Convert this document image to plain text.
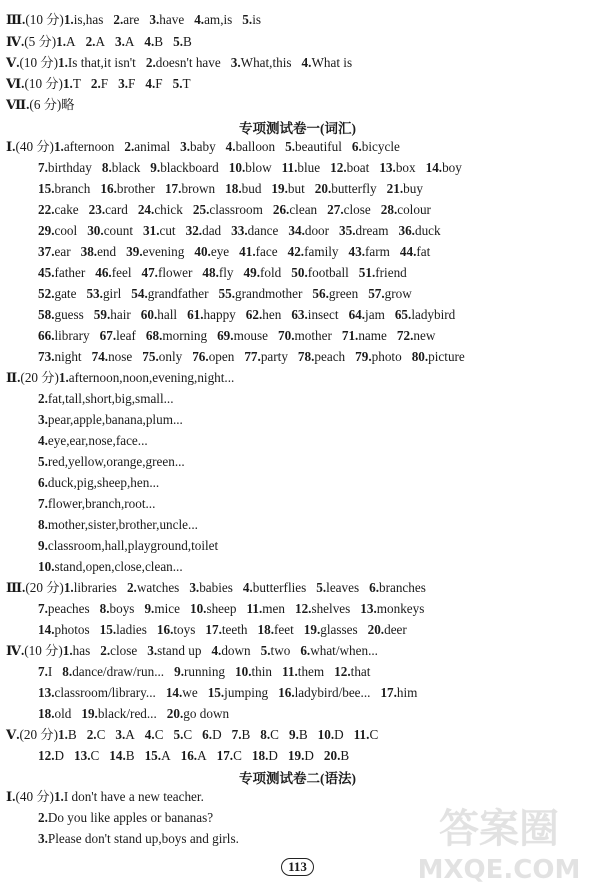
Ⅲ.(10 分)1.is,has 2.are 3.have 4.am,is 5.is
Ⅳ.(5 分)1.A 2.A 3.A 4.B 5.B
Ⅴ.(10 分)1.Is that,it isn't 2.doesn't have 3.What,this 4.What is
Ⅵ.(10 分)1.T 2.F 3.F 4.F 5.T
Ⅶ.(6 分)略
Ⅰ.(40 分)1.afternoon 2.animal 3.baby 4.balloon 5.beautiful 6.bicycle
7.birthday 8.black 9.blackboard 10.blow 11.blue 12.boat 13.box 14.boy
15.branch 16.brother 17.brown 18.bud 19.but 20.butterfly 21.buy
22.cake 23.card 24.chick 25.classroom 26.clean 27.close 28.colour
29.cool 30.count 31.cut 32.dad 33.dance 34.door 35.dream 36.duck
37.ear 38.end 39.evening 40.eye 41.face 42.family 43.farm 44.fat
45.father 46.feel 47.flower 48.fly 49.fold 50.football 51.friend
52.gate 53.girl 54.grandfather 55.grandmother 56.green 57.grow
58.guess 59.hair 60.hall 61.happy 62.hen 63.insect 64.jam 65.ladybird
66.library 67.leaf 68.morning 69.mouse 70.mother 71.name 72.new
73.night 74.nose 75.only 76.open 77.party 78.peach 79.photo 80.picture
Ⅱ.(20 分)1.afternoon,noon,evening,night...
2.fat,tall,short,big,small...
3.pear,apple,banana,plum...
4.eye,ear,nose,face...
5.red,yellow,orange,green...
6.duck,pig,sheep,hen...
7.flower,branch,root...
8.mother,sister,brother,uncle...
9.classroom,hall,playground,toilet
10.stand,open,close,clean...
Ⅲ.(20 分)1.libraries 2.watches 3.babies 4.butterflies 5.leaves 6.branches
7.peaches 8.boys 9.mice 10.sheep 11.men 12.shelves 13.monkeys
14.photos 15.ladies 16.toys 17.teeth 18.feet 19.glasses 20.deer
Ⅳ.(10 分)1.has 2.close 3.stand up 4.down 5.two 6.what/when...
7.I 8.dance/draw/run... 9.running 10.thin 11.them 12.that
13.classroom/library... 14.we 15.jumping 16.ladybird/bee... 17.him
18.old 19.black/red... 20.go down
Ⅴ.(20 分)1.B 2.C 3.A 4.C 5.C 6.D 7.B 8.C 9.B 10.D 11.C
12.D 13.C 14.B 15.A 16.A 17.C 18.D 19.D 20.B
Ⅰ.(40 分)1.I don't have a new teacher.
2.Do you like apples or bananas?
3.Please don't stand up,boys and girls.
专项测试卷一(词汇)
专项测试卷二(语法)
113
答案圈
MXQE.COM
